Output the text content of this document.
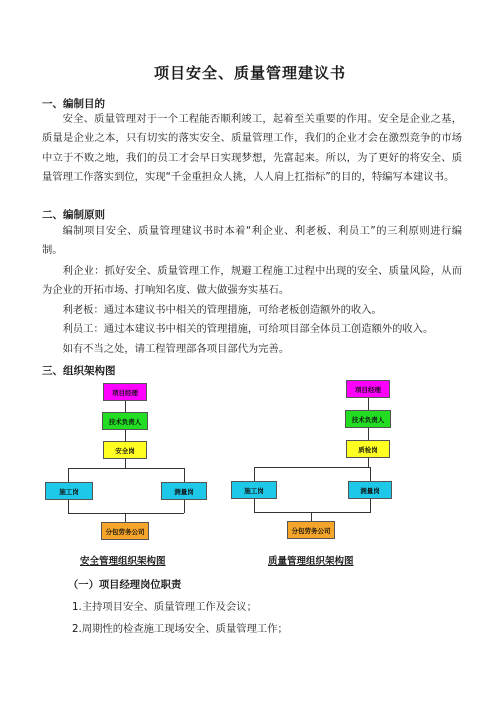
项目安全、质量管理建议书
一、编制目的
安全、质量管理对于一个工程能否顺利竣工，起着至关重要的作用。安全是企业之基，质量是企业之本，只有切实的落实安全、质量管理工作，我们的企业才会在激烈竞争的市场中立于不败之地，我们的员工才会早日实现梦想，先富起来。所以，为了更好的将安全、质量管理工作落实到位，实现“千金重担众人挑，人人肩上扛指标”的目的，特编写本建议书。
二、编制原则
编制项目安全、质量管理建议书时本着“利企业、利老板、利员工”的三利原则进行编制。
利企业：抓好安全、质量管理工作，规避工程施工过程中出现的安全、质量风险，从而为企业的开拓市场、打响知名度、做大做强夯实基石。
利老板：通过本建议书中相关的管理措施，可给老板创造额外的收入。
利员工：通过本建议书中相关的管理措施，可给项目部全体员工创造额外的收入。
如有不当之处，请工程管理部各项目部代为完善。
三、组织架构图
项目经理
技术负责人
安全岗
施工岗	测量岗
分包劳务公司
安全管理组织架构图
项目经理
技术负责人
质检岗
施工岗	测量岗
分包劳务公司
质量管理组织架构图
（一）项目经理岗位职责
1.主持项目安全、质量管理工作及会议；
2.周期性的检查施工现场安全、质量管理工作；
